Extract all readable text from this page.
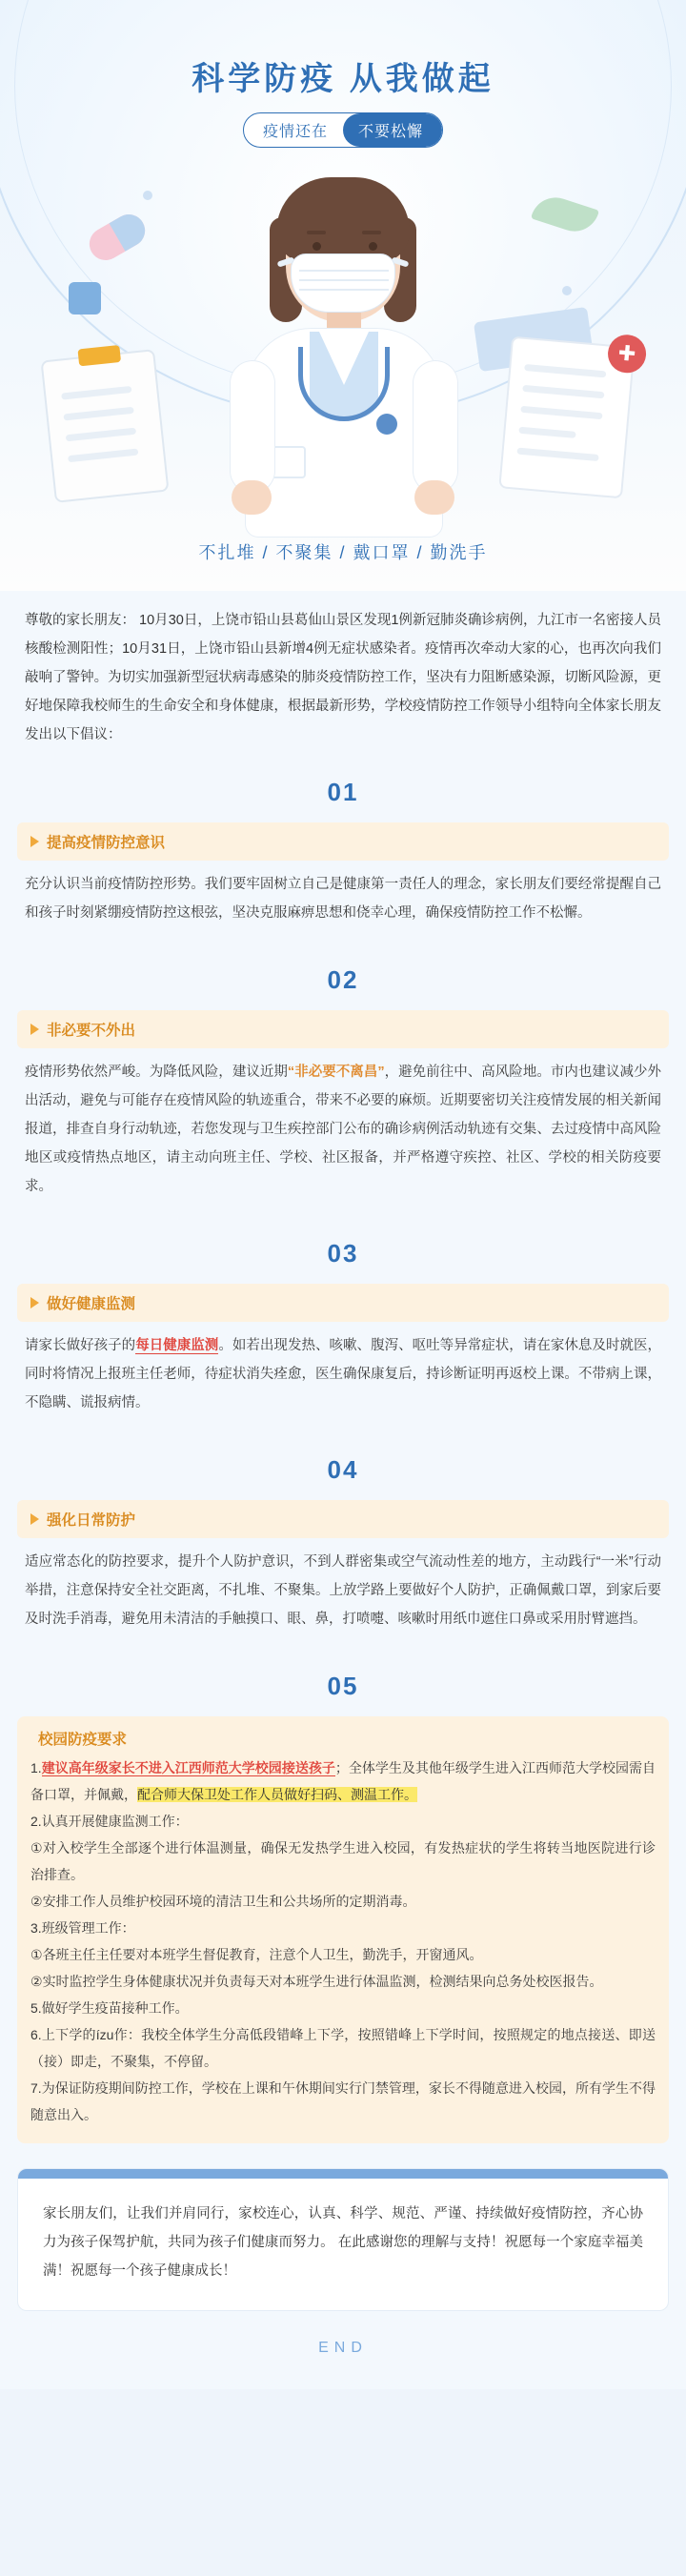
科学防疫 从我做起
疫情还在	不要松懈
✚
不扎堆 / 不聚集 / 戴口罩 / 勤洗手
尊敬的家长朋友： 10月30日，上饶市铅山县葛仙山景区发现1例新冠肺炎确诊病例，九江市一名密接人员核酸检测阳性；10月31日，上饶市铅山县新增4例无症状感染者。疫情再次牵动大家的心，也再次向我们敲响了警钟。为切实加强新型冠状病毒感染的肺炎疫情防控工作，坚决有力阻断感染源，切断风险源，更好地保障我校师生的生命安全和身体健康，根据最新形势，学校疫情防控工作领导小组特向全体家长朋友发出以下倡议：
01
提高疫情防控意识
充分认识当前疫情防控形势。我们要牢固树立自己是健康第一责任人的理念，家长朋友们要经常提醒自己和孩子时刻紧绷疫情防控这根弦，坚决克服麻痹思想和侥幸心理，确保疫情防控工作不松懈。
02
非必要不外出
疫情形势依然严峻。为降低风险，建议近期“非必要不离昌”，避免前往中、高风险地。市内也建议减少外出活动，避免与可能存在疫情风险的轨迹重合，带来不必要的麻烦。近期要密切关注疫情发展的相关新闻报道，排查自身行动轨迹，若您发现与卫生疾控部门公布的确诊病例活动轨迹有交集、去过疫情中高风险地区或疫情热点地区，请主动向班主任、学校、社区报备，并严格遵守疾控、社区、学校的相关防疫要求。
03
做好健康监测
请家长做好孩子的每日健康监测。如若出现发热、咳嗽、腹泻、呕吐等异常症状，请在家休息及时就医，同时将情况上报班主任老师，待症状消失痊愈，医生确保康复后，持诊断证明再返校上课。不带病上课，不隐瞒、谎报病情。
04
强化日常防护
适应常态化的防控要求，提升个人防护意识，不到人群密集或空气流动性差的地方，主动践行“一米”行动举措，注意保持安全社交距离，不扎堆、不聚集。上放学路上要做好个人防护，正确佩戴口罩，到家后要及时洗手消毒，避免用未清洁的手触摸口、眼、鼻，打喷嚏、咳嗽时用纸巾遮住口鼻或采用肘臂遮挡。
05
校园防疫要求
1.建议高年级家长不进入江西师范大学校园接送孩子；全体学生及其他年级学生进入江西师范大学校园需自备口罩，并佩戴，配合师大保卫处工作人员做好扫码、测温工作。
2.认真开展健康监测工作：
①对入校学生全部逐个进行体温测量，确保无发热学生进入校园，有发热症状的学生将转当地医院进行诊治排查。
②安排工作人员维护校园环境的清洁卫生和公共场所的定期消毒。
3.班级管理工作：
①各班主任主任要对本班学生督促教育，注意个人卫生，勤洗手，开窗通风。
②实时监控学生身体健康状况并负责每天对本班学生进行体温监测，检测结果向总务处校医报告。
5.做好学生疫苗接种工作。
6.上下学的ízu作：我校全体学生分高低段错峰上下学，按照错峰上下学时间，按照规定的地点接送、即送（接）即走，不聚集，不停留。
7.为保证防疫期间防控工作，学校在上课和午休期间实行门禁管理，家长不得随意进入校园，所有学生不得随意出入。
家长朋友们，让我们并肩同行，家校连心，认真、科学、规范、严谨、持续做好疫情防控，齐心协力为孩子保驾护航，共同为孩子们健康而努力。 在此感谢您的理解与支持！祝愿每一个家庭幸福美满！祝愿每一个孩子健康成长！
END
